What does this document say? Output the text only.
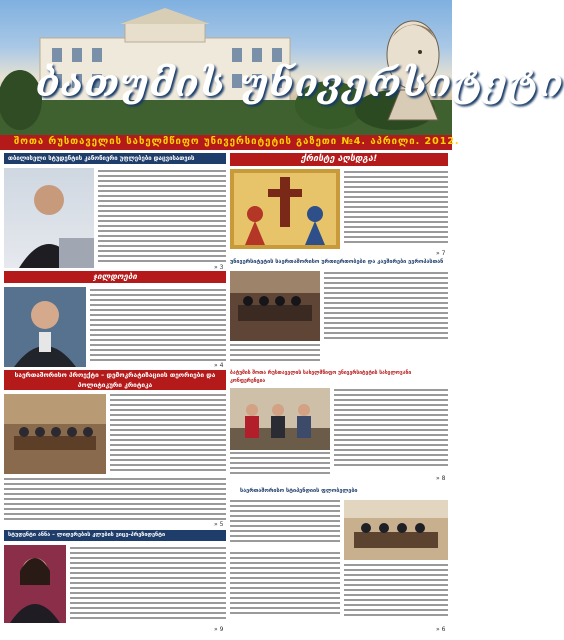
ბათუმის უნივერსიტეტი
შოთა რუსთაველის სახელმწიფო უნივერსიტეტის გაზეთი №4. აპრილი. 2012.
თბილისელი სტუდენტის კანონიერი უფლებები დაცვისათვის
» 3
ჯილდოები
» 4
საერთაშორისო პროექტი – დემოკრატიზაციის თეორიები და პოლიტიკური კრიტიკა
» 5
სტუდენტი ანნა – ლიდერების კლუბის ვიცე-პრეზიდენტი
» 9
ქრისტე აღსდგა!
» 7
უნივერსიტეტის საერთაშორისო ურთიერთობები და კავშირები ევროპასთან
ბატუმის შოთა რუსთაველის სახელმწიფო უნივერსიტეტის სახელოვანი კონფერენცია
» 8
საერთაშორისო სტიპენდიის ფლობელები
» 6
